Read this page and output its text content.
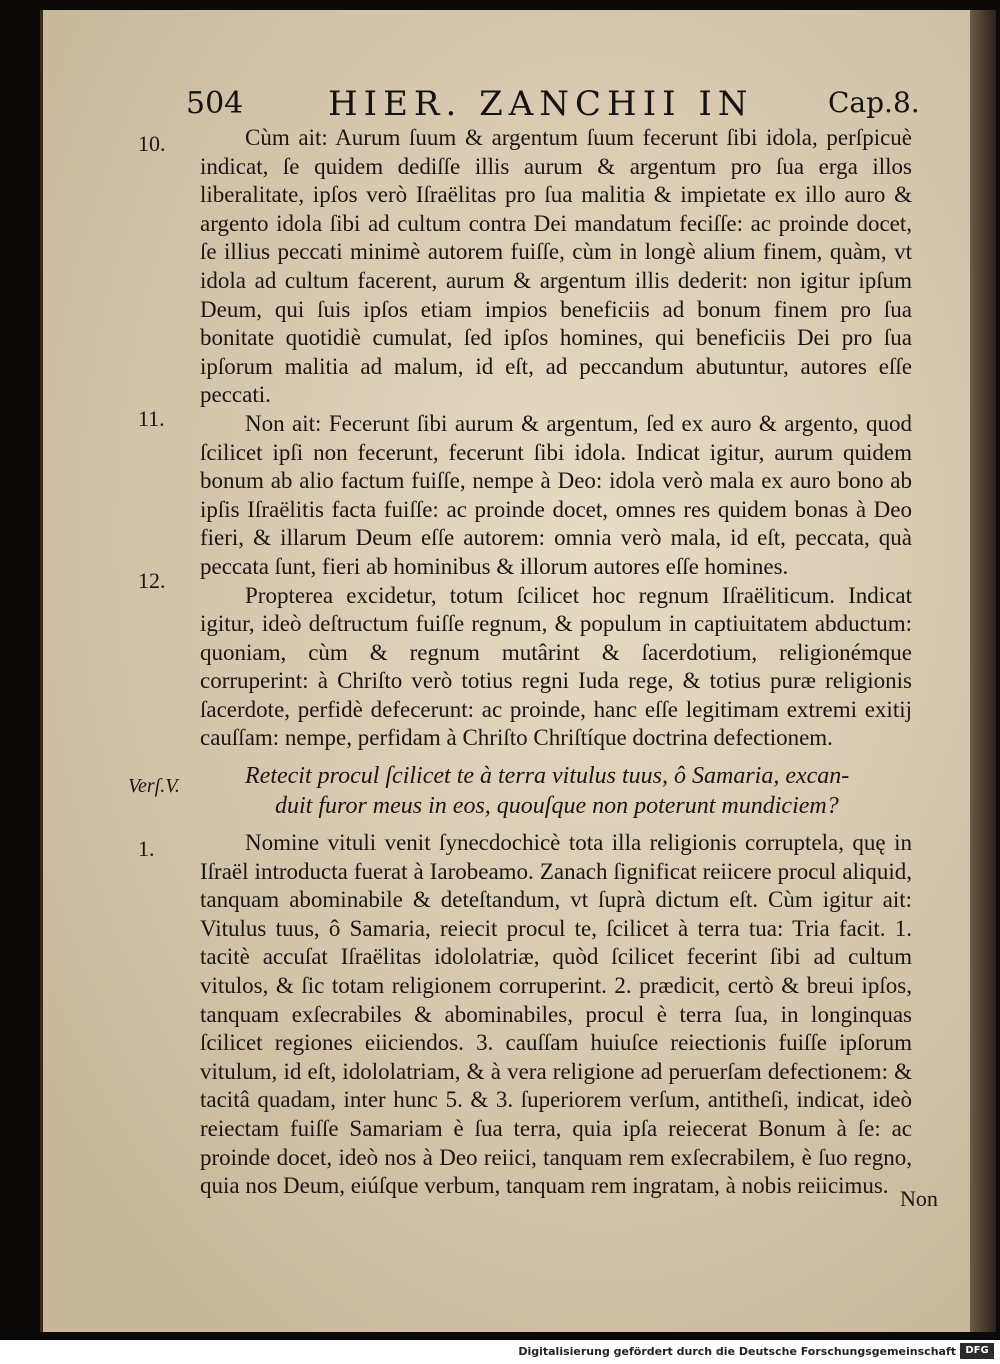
504 HIER. ZANCHII IN	Cap.8.
10.
11.
12.
Verſ.V.
1.

Cùm ait: Aurum ſuum & argentum ſuum fecerunt ſibi idola, perſpicuè indicat, ſe quidem dediſſe illis aurum & argentum pro ſua erga illos liberalitate, ipſos verò Iſraëlitas pro ſua malitia & impietate ex illo auro & argento idola ſibi ad cultum contra Dei mandatum feciſſe: ac proinde docet, ſe illius peccati minimè autorem fuiſſe, cùm in longè alium finem, quàm, vt idola ad cultum facerent, aurum & argentum illis dederit: non igitur ipſum Deum, qui ſuis ipſos etiam impios beneficiis ad bonum finem pro ſua bonitate quotidiè cumulat, ſed ipſos homines, qui beneficiis Dei pro ſua ipſorum malitia ad malum, id eſt, ad peccandum abutuntur, autores eſſe peccati.

Non ait: Fecerunt ſibi aurum & argentum, ſed ex auro & argento, quod ſcilicet ipſi non fecerunt, fecerunt ſibi idola. Indicat igitur, aurum quidem bonum ab alio factum fuiſſe, nempe à Deo: idola verò mala ex auro bono ab ipſis Iſraëlitis facta fuiſſe: ac proinde docet, omnes res quidem bonas à Deo fieri, & illarum Deum eſſe autorem: omnia verò mala, id eſt, peccata, quà peccata ſunt, fieri ab hominibus & illorum autores eſſe homines.

Propterea excidetur, totum ſcilicet hoc regnum Iſraëliticum. Indicat igitur, ideò deſtructum fuiſſe regnum, & populum in captiuitatem abductum: quoniam, cùm & regnum mutârint & ſacerdotium, religionémque corruperint: à Chriſto verò totius regni Iuda rege, & totius puræ religionis ſacerdote, perfidè defecerunt: ac proinde, hanc eſſe legitimam extremi exitij cauſſam: nempe, perfidam à Chriſto Chriſtíque doctrina defectionem.

Retecit procul ſcilicet te à terra vitulus tuus, ô Samaria, excan-

duit furor meus in eos, quouſque non poterunt mundiciem?

Nomine vituli venit ſynecdochicè tota illa religionis corruptela, quę in Iſraël introducta fuerat à Iarobeamo. Zanach ſignificat reiicere procul aliquid, tanquam abominabile & deteſtandum, vt ſuprà dictum eſt. Cùm igitur ait: Vitulus tuus, ô Samaria, reiecit procul te, ſcilicet à terra tua: Tria facit. 1. tacitè accuſat Iſraëlitas idololatriæ, quòd ſcilicet fecerint ſibi ad cultum vitulos, & ſic totam religionem corruperint. 2. prædicit, certò & breui ipſos, tanquam exſecrabiles & abominabiles, procul è terra ſua, in longinquas ſcilicet regiones eiiciendos. 3. cauſſam huiuſce reiectionis fuiſſe ipſorum vitulum, id eſt, idololatriam, & à vera religione ad peruerſam defectionem: & tacitâ quadam, inter hunc 5. & 3. ſuperiorem verſum, antitheſi, indicat, ideò reiectam fuiſſe Samariam è ſua terra, quia ipſa reiecerat Bonum à ſe: ac proinde docet, ideò nos à Deo reiici, tanquam rem exſecrabilem, è ſuo regno, quia nos Deum, eiúſque verbum, tanquam rem ingratam, à nobis reiicimus.

Non
Digitalisierung gefördert durch die Deutsche Forschungsgemeinschaft DFG
